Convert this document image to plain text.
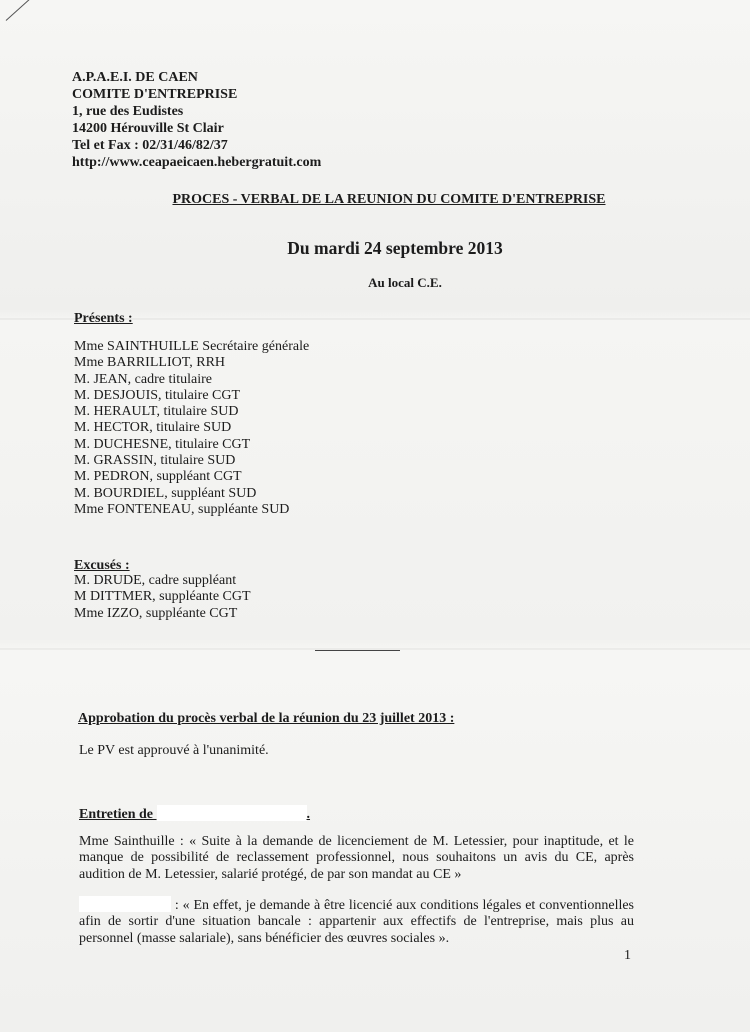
A.P.A.E.I. DE CAEN
COMITE D'ENTREPRISE
1, rue des Eudistes
14200 Hérouville St Clair
Tel et Fax : 02/31/46/82/37
http://www.ceapaeicaen.hebergratuit.com
PROCES - VERBAL DE LA REUNION DU COMITE D'ENTREPRISE
Du mardi 24 septembre 2013
Au local C.E.
Présents :
Mme SAINTHUILLE Secrétaire générale
Mme BARRILLIOT, RRH
M. JEAN, cadre titulaire
M. DESJOUIS, titulaire CGT
M. HERAULT, titulaire SUD
M. HECTOR, titulaire SUD
M. DUCHESNE, titulaire CGT
M. GRASSIN, titulaire SUD
M. PEDRON, suppléant CGT
M. BOURDIEL, suppléant SUD
Mme FONTENEAU, suppléante SUD
Excusés :
M. DRUDE, cadre suppléant
M DITTMER, suppléante CGT
Mme IZZO, suppléante CGT
Approbation du procès verbal de la réunion du 23 juillet 2013 :
Le PV est approuvé à l'unanimité.
Entretien de	.
Mme Sainthuille : « Suite à la demande de licenciement de M. Letessier, pour inaptitude, et le manque de possibilité de reclassement professionnel, nous souhaitons un avis du CE, après audition de M. Letessier, salarié protégé, de par son mandat au CE »
: « En effet, je demande à être licencié aux conditions légales et conventionnelles afin de sortir d'une situation bancale : appartenir aux effectifs de l'entreprise, mais plus au personnel (masse salariale), sans bénéficier des œuvres sociales ».
1
